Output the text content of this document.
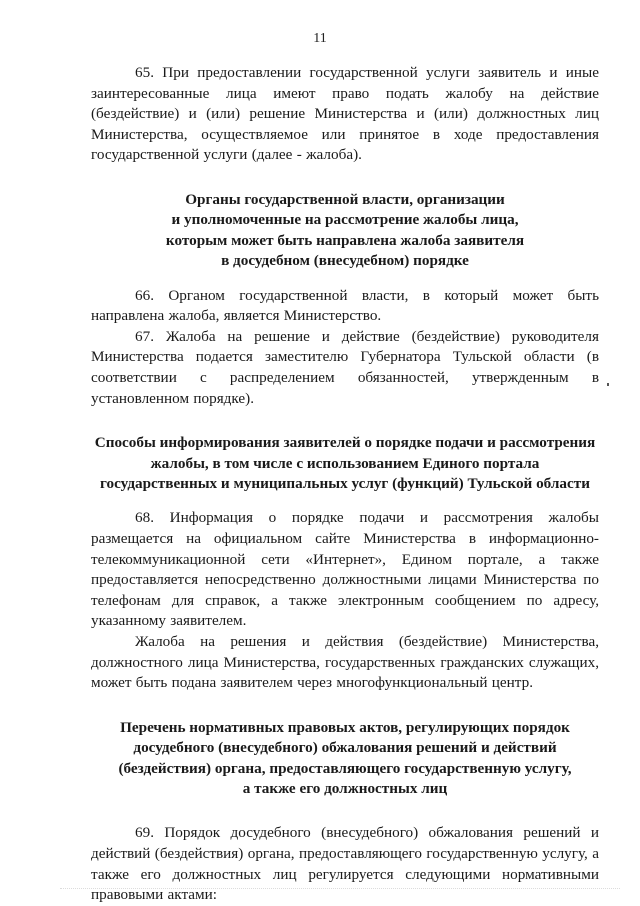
11

65. При предоставлении государственной услуги заявитель и иные заинтересованные лица имеют право подать жалобу на действие (бездействие) и (или) решение Министерства и (или) должностных лиц Министерства, осуществляемое или принятое в ходе предоставления государственной услуги (далее - жалоба).

Органы государственной власти, организации
и уполномоченные на рассмотрение жалобы лица,
которым может быть направлена жалоба заявителя
в досудебном (внесудебном) порядке

66. Органом государственной власти, в который может быть направлена жалоба, является Министерство.

67. Жалоба на решение и действие (бездействие) руководителя Министерства подается заместителю Губернатора Тульской области (в соответствии с распределением обязанностей, утвержденным в установленном порядке).

Способы информирования заявителей о порядке подачи и рассмотрения
жалобы, в том числе с использованием Единого портала
государственных и муниципальных услуг (функций) Тульской области

68. Информация о порядке подачи и рассмотрения жалобы размещается на официальном сайте Министерства в информационно-телекоммуникационной сети «Интернет», Едином портале, а также предоставляется непосредственно должностными лицами Министерства по телефонам для справок, а также электронным сообщением по адресу, указанному заявителем.

Жалоба на решения и действия (бездействие) Министерства, должностного лица Министерства, государственных гражданских служащих, может быть подана заявителем через многофункциональный центр.

Перечень нормативных правовых актов, регулирующих порядок
досудебного (внесудебного) обжалования решений и действий
(бездействия) органа, предоставляющего государственную услугу,
а также его должностных лиц

69. Порядок досудебного (внесудебного) обжалования решений и действий (бездействия) органа, предоставляющего государственную услугу, а также его должностных лиц регулируется следующими нормативными правовыми актами:
